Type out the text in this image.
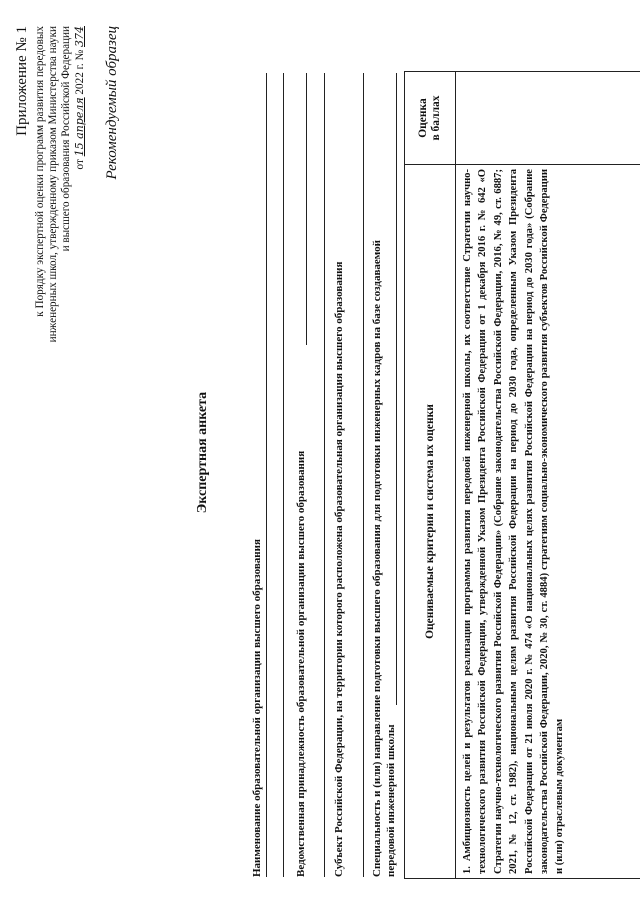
Приложение № 1 к Порядку экспертной оценки программ развития передовых инженерных школ, утвержденному приказом Министерства науки и высшего образования Российской Федерации от 15 апреля 2022 г. № 374 Рекомендуемый образец
Экспертная анкета
Наименование образовательной организации высшего образования	Ведомственная принадлежность образовательной организации высшего образования Субъект Российской Федерации, на территории которого расположена образовательная организация высшего образования Специальность и (или) направление подготовки высшего образования для подготовки инженерных кадров на базе создаваемой передовой инженерной школы
Оцениваемые критерии и система их оценки
Оценка в баллах
1. Амбициозность целей и результатов реализации программы развития передовой инженерной школы, их соответствие Стратегии научно-технологического развития Российской Федерации, утвержденной Указом Президента Российской Федерации от 1 декабря 2016 г. № 642 «О Стратегии научно-технологического развития Российской Федерации» (Собрание законодательства Российской Федерации, 2016, № 49, ст. 6887; 2021, № 12, ст. 1982), национальным целям развития Российской Федерации на период до 2030 года, определенным Указом Президента Российской Федерации от 21 июля 2020 г. № 474 «О национальных целях развития Российской Федерации на период до 2030 года» (Собрание законодательства Российской Федерации, 2020, № 30, ст. 4884) стратегиям социально-экономического развития субъектов Российской Федерации и (или) отраслевым документам
